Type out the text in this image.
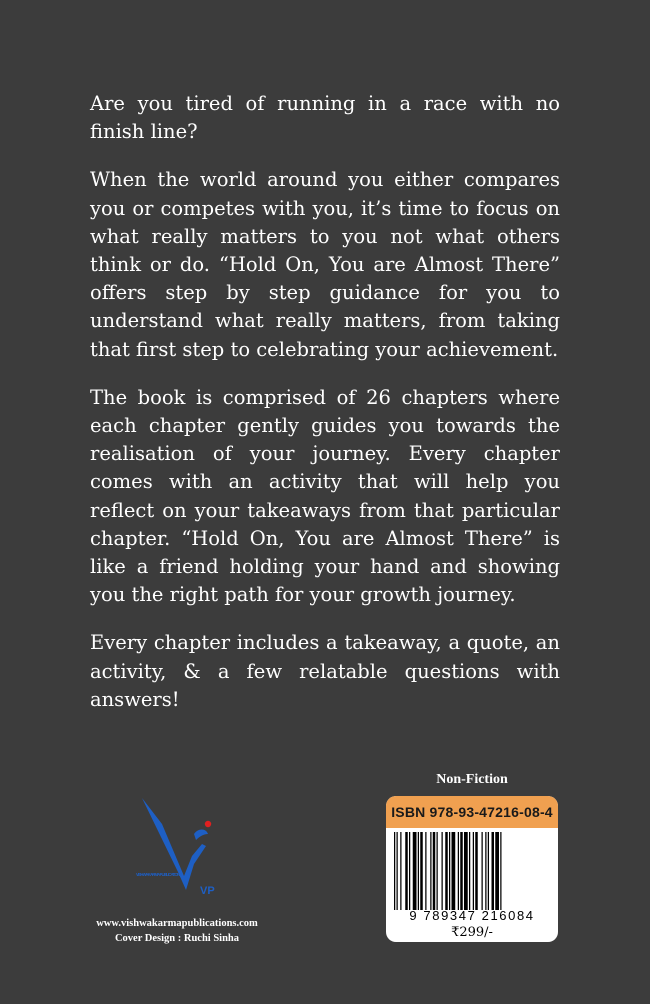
Are you tired of running in a race with no finish line?

When the world around you either compares you or competes with you, it’s time to focus on what really matters to you not what others think or do. “Hold On, You are Almost There” offers step by step guidance for you to understand what really matters, from taking that first step to celebrating your achievement.

The book is comprised of 26 chapters where each chapter gently guides you towards the realisation of your journey. Every chapter comes with an activity that will help you reflect on your takeaways from that particular chapter. “Hold On, You are Almost There” is like a friend holding your hand and showing you the right path for your growth journey.

Every chapter includes a takeaway, a quote, an activity, & a few relatable questions with answers!

VP
VISHWAKARMA PUBLICATIONS
www.vishwakarmapublications.com
Cover Design : Ruchi Sinha
Non-Fiction
ISBN 978-93-47216-08-4
9 789347 216084
₹299/-
